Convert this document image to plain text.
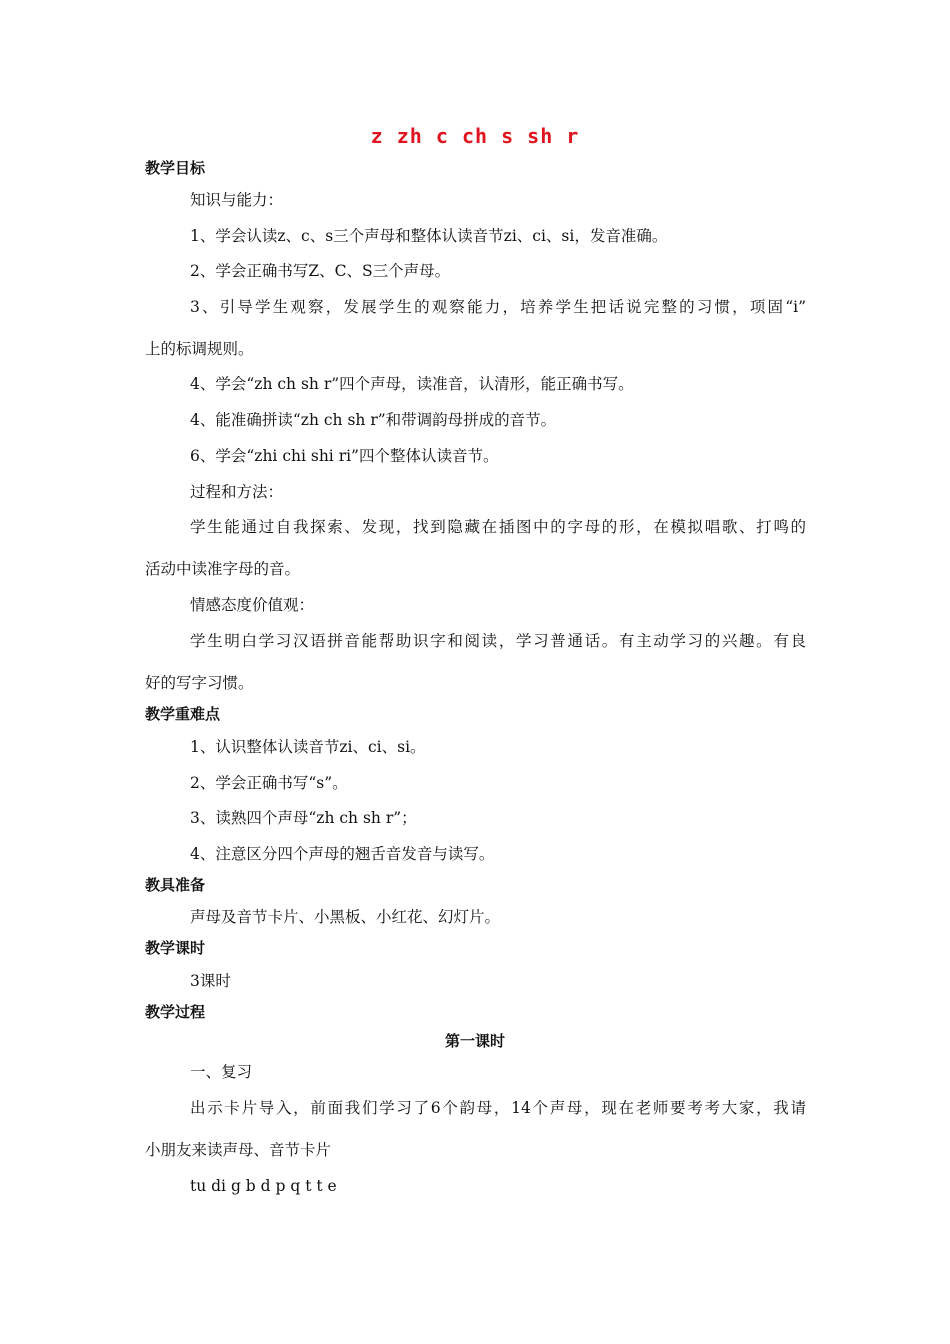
z zh c ch s sh r
教学目标
知识与能力：
1、学会认读z、c、s三个声母和整体认读音节zi、ci、si，发音准确。
2、学会正确书写Z、C、S三个声母。
3、引导学生观察，发展学生的观察能力，培养学生把话说完整的习惯，项固“i”
上的标调规则。
4、学会“zh ch sh r”四个声母，读准音，认清形，能正确书写。
4、能准确拼读“zh ch sh r”和带调韵母拼成的音节。
6、学会“zhi chi shi ri”四个整体认读音节。
过程和方法：
学生能通过自我探索、发现，找到隐藏在插图中的字母的形，在模拟唱歌、打鸣的
活动中读准字母的音。
情感态度价值观：
学生明白学习汉语拼音能帮助识字和阅读，学习普通话。有主动学习的兴趣。有良
好的写字习惯。
教学重难点
1、认识整体认读音节zi、ci、si。
2、学会正确书写“s”。
3、读熟四个声母“zh ch sh r”；
4、注意区分四个声母的翘舌音发音与读写。
教具准备
声母及音节卡片、小黑板、小红花、幻灯片。
教学课时
3课时
教学过程
第一课时
一、复习
出示卡片导入，前面我们学习了6个韵母，14个声母，现在老师要考考大家，我请
小朋友来读声母、音节卡片
tu di g b d p q t t e
